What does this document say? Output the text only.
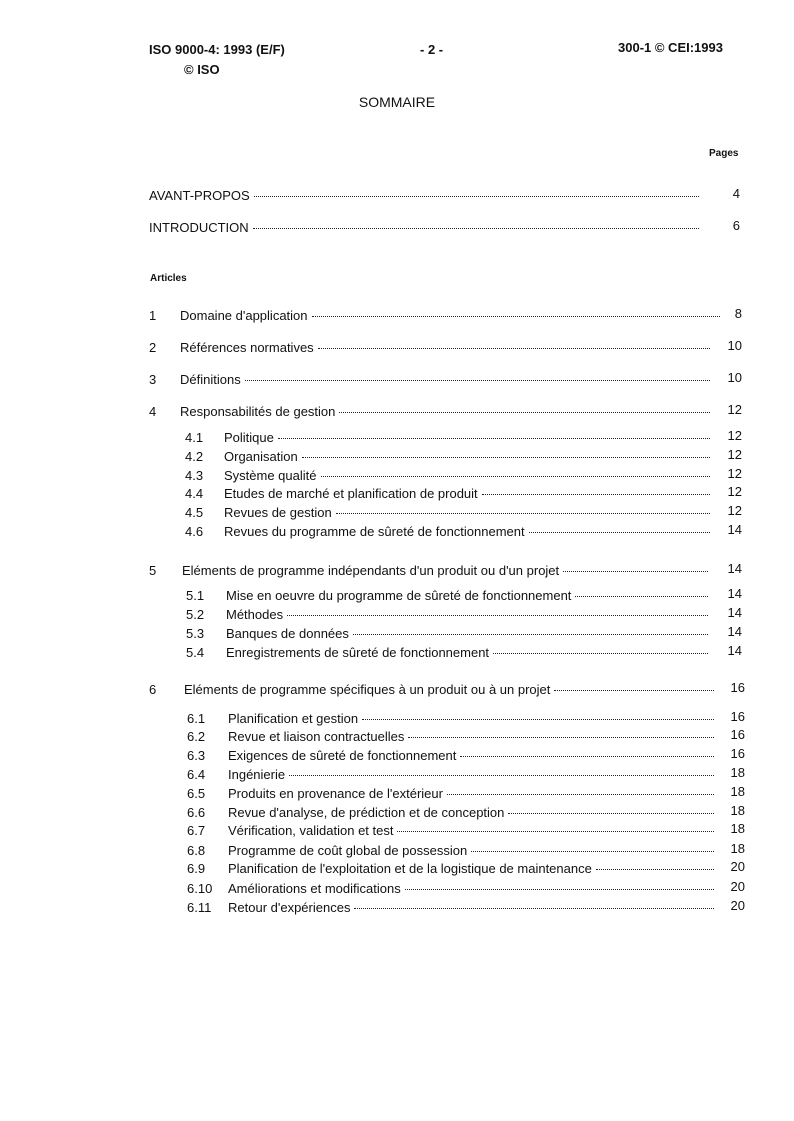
ISO 9000-4: 1993 (E/F)
© ISO
- 2 -	300-1 © CEI:1993
SOMMAIRE
Pages
AVANT-PROPOS	4
INTRODUCTION	6
Articles
1	Domaine d'application	8
2	Références normatives	10
3	Définitions	10
4	Responsabilités de gestion	12
4.1	Politique	12
4.2	Organisation	12
4.3	Système qualité	12
4.4	Etudes de marché et planification de produit	12
4.5	Revues de gestion	12
4.6	Revues du programme de sûreté de fonctionnement	14
5	Eléments de programme indépendants d'un produit ou d'un projet	14
5.1	Mise en oeuvre du programme de sûreté de fonctionnement	14
5.2	Méthodes	14
5.3	Banques de données	14
5.4	Enregistrements de sûreté de fonctionnement	14
6	Eléments de programme spécifiques à un produit ou à un projet	16
6.1	Planification et gestion	16
6.2	Revue et liaison contractuelles	16
6.3	Exigences de sûreté de fonctionnement	16
6.4	Ingénierie	18
6.5	Produits en provenance de l'extérieur	18
6.6	Revue d'analyse, de prédiction et de conception	18
6.7	Vérification, validation et test	18
6.8	Programme de coût global de possession	18
6.9	Planification de l'exploitation et de la logistique de maintenance	20
6.10	Améliorations et modifications	20
6.11	Retour d'expériences	20
